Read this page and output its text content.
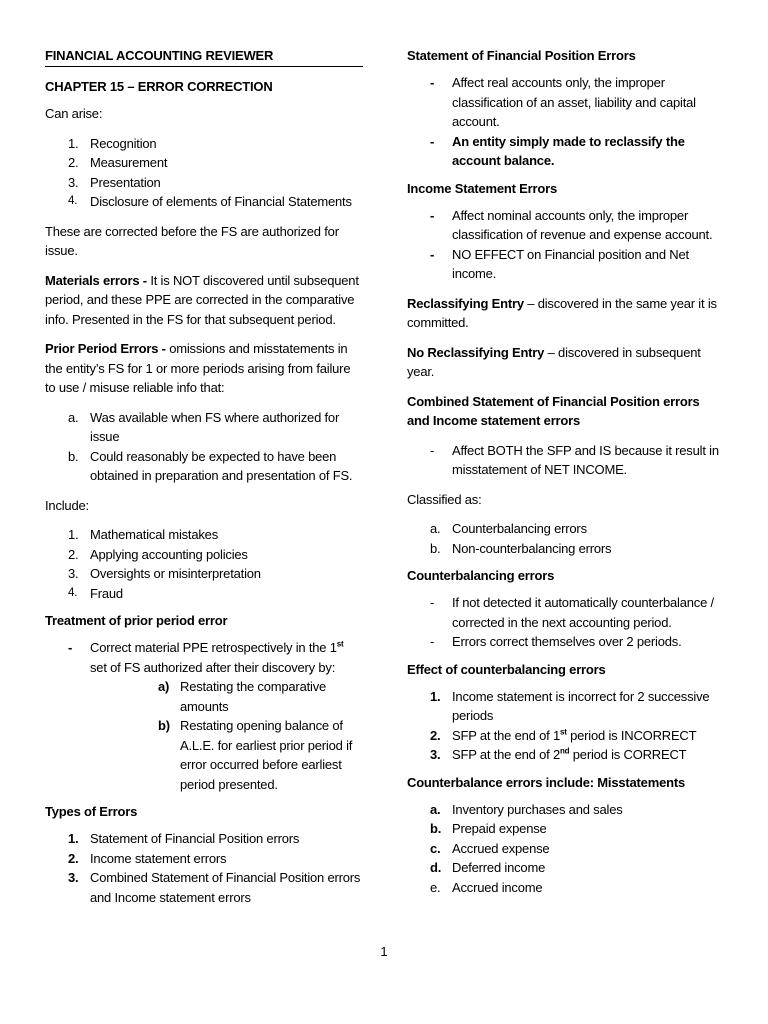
FINANCIAL ACCOUNTING REVIEWER
CHAPTER 15 – ERROR CORRECTION

Can arise:

1. Recognition
2. Measurement
3. Presentation
4. Disclosure of elements of Financial Statements

These are corrected before the FS are authorized for issue.

Materials errors - It is NOT discovered until subsequent period, and these PPE are corrected in the comparative info. Presented in the FS for that subsequent period.

Prior Period Errors - omissions and misstatements in the entity’s FS for 1 or more periods arising from failure to use / misuse reliable info that:

a. Was available when FS where authorized for issue
b. Could reasonably be expected to have been obtained in preparation and presentation of FS.

Include:

1. Mathematical mistakes
2. Applying accounting policies
3. Oversights or misinterpretation
4. Fraud
Treatment of prior period error
- Correct material PPE retrospectively in the 1st set of FS authorized after their discovery by:
a) Restating the comparative amounts
b) Restating opening balance of A.L.E. for earliest prior period if error occurred before earliest period presented.
Types of Errors
1. Statement of Financial Position errors
2. Income statement errors
3. Combined Statement of Financial Position errors and Income statement errors
Statement of Financial Position Errors
- Affect real accounts only, the improper classification of an asset, liability and capital account.
- An entity simply made to reclassify the account balance.
Income Statement Errors
- Affect nominal accounts only, the improper classification of revenue and expense account.
- NO EFFECT on Financial position and Net income.

Reclassifying Entry – discovered in the same year it is committed.

No Reclassifying Entry – discovered in subsequent year.

Combined Statement of Financial Position errors and Income statement errors
- Affect BOTH the SFP and IS because it result in misstatement of NET INCOME.

Classified as:

a. Counterbalancing errors
b. Non-counterbalancing errors
Counterbalancing errors
- If not detected it automatically counterbalance / corrected in the next accounting period.
- Errors correct themselves over 2 periods.
Effect of counterbalancing errors
1. Income statement is incorrect for 2 successive periods
2. SFP at the end of 1st period is INCORRECT
3. SFP at the end of 2nd period is CORRECT
Counterbalance errors include: Misstatements
a. Inventory purchases and sales
b. Prepaid expense
c. Accrued expense
d. Deferred income
e. Accrued income
1
